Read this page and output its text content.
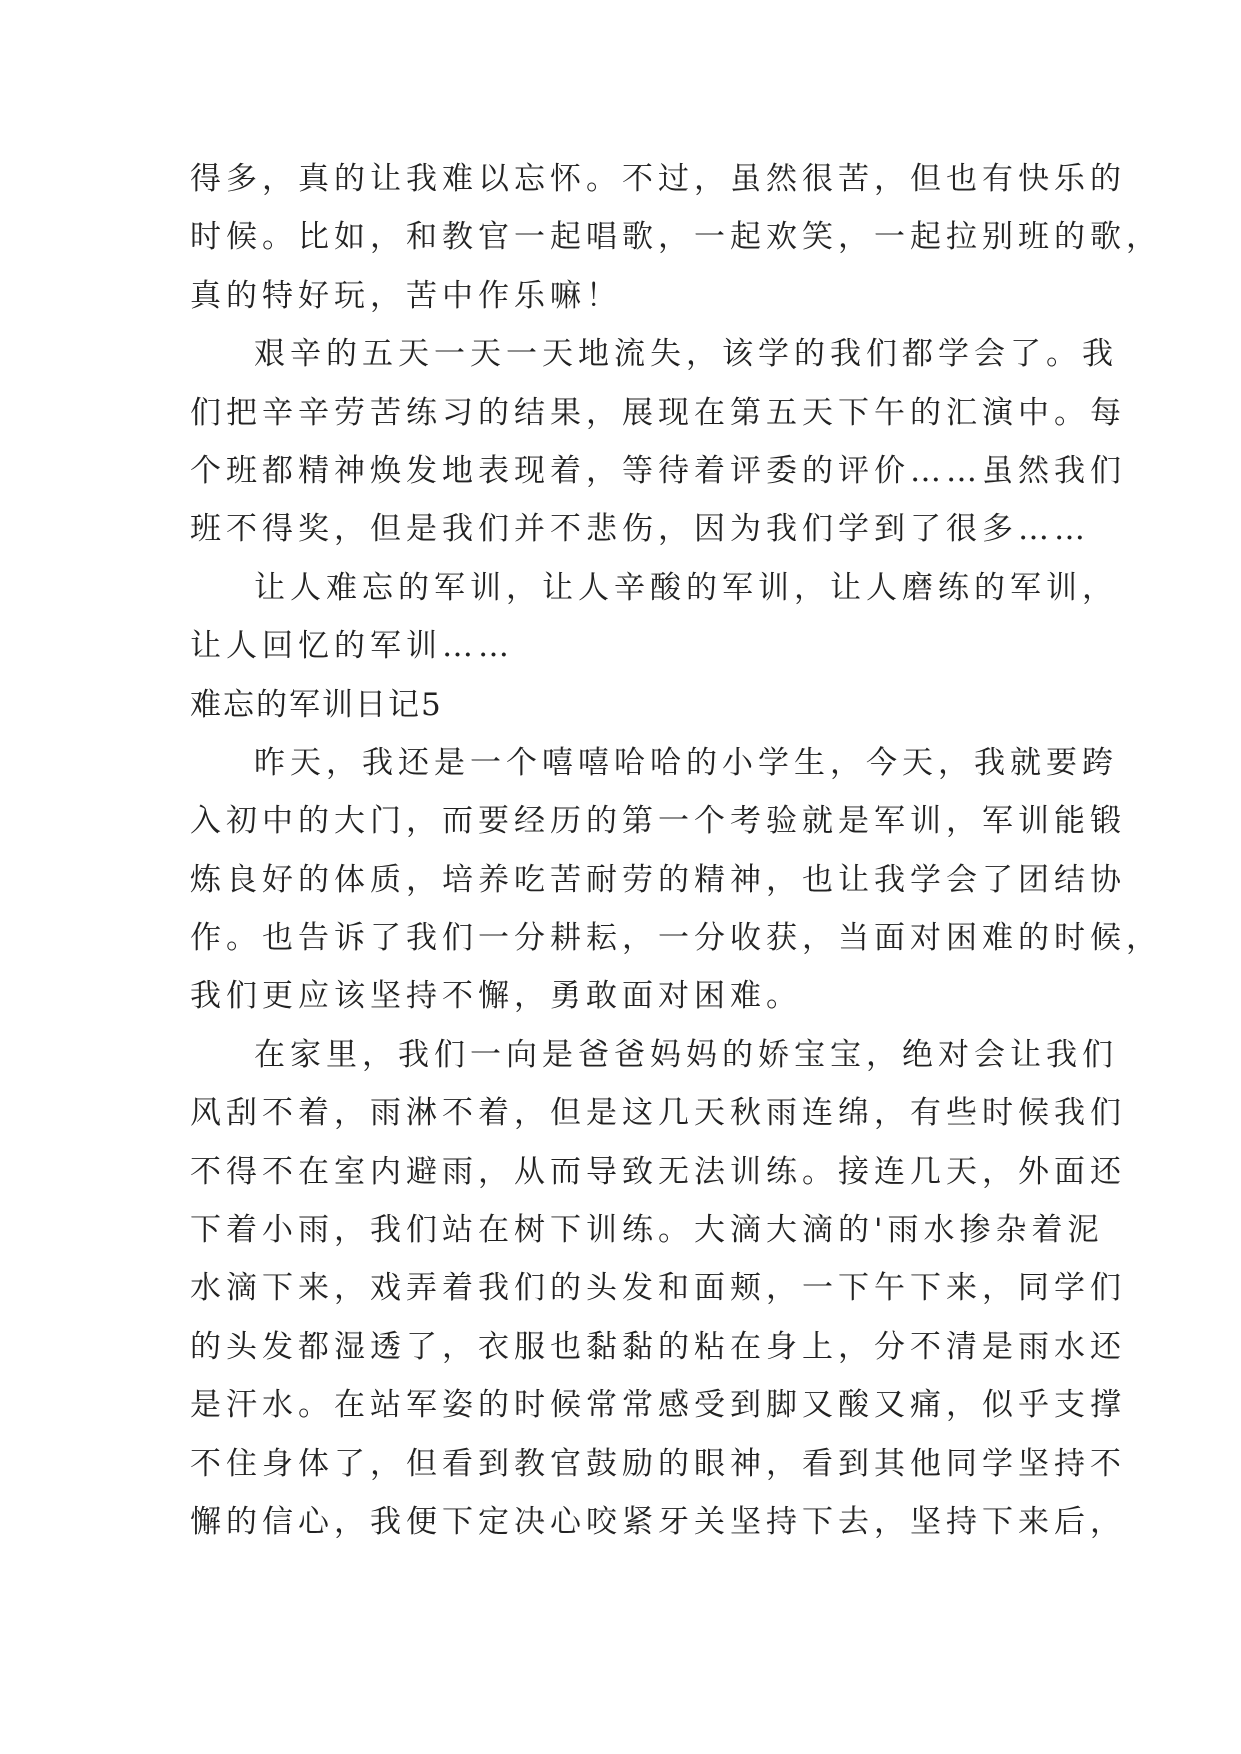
得多，真的让我难以忘怀。不过，虽然很苦，但也有快乐的
时候。比如，和教官一起唱歌，一起欢笑，一起拉别班的歌，
真的特好玩，苦中作乐嘛！
艰辛的五天一天一天地流失，该学的我们都学会了。我
们把辛辛劳苦练习的结果，展现在第五天下午的汇演中。每
个班都精神焕发地表现着，等待着评委的评价……虽然我们
班不得奖，但是我们并不悲伤，因为我们学到了很多……
让人难忘的军训，让人辛酸的军训，让人磨练的军训，
让人回忆的军训……
难忘的军训日记5
昨天，我还是一个嘻嘻哈哈的小学生，今天，我就要跨
入初中的大门，而要经历的第一个考验就是军训，军训能锻
炼良好的体质，培养吃苦耐劳的精神，也让我学会了团结协
作。也告诉了我们一分耕耘，一分收获，当面对困难的时候，
我们更应该坚持不懈，勇敢面对困难。
在家里，我们一向是爸爸妈妈的娇宝宝，绝对会让我们
风刮不着，雨淋不着，但是这几天秋雨连绵，有些时候我们
不得不在室内避雨，从而导致无法训练。接连几天，外面还
下着小雨，我们站在树下训练。大滴大滴的'雨水掺杂着泥
水滴下来，戏弄着我们的头发和面颊，一下午下来，同学们
的头发都湿透了，衣服也黏黏的粘在身上，分不清是雨水还
是汗水。在站军姿的时候常常感受到脚又酸又痛，似乎支撑
不住身体了，但看到教官鼓励的眼神，看到其他同学坚持不
懈的信心，我便下定决心咬紧牙关坚持下去，坚持下来后，
